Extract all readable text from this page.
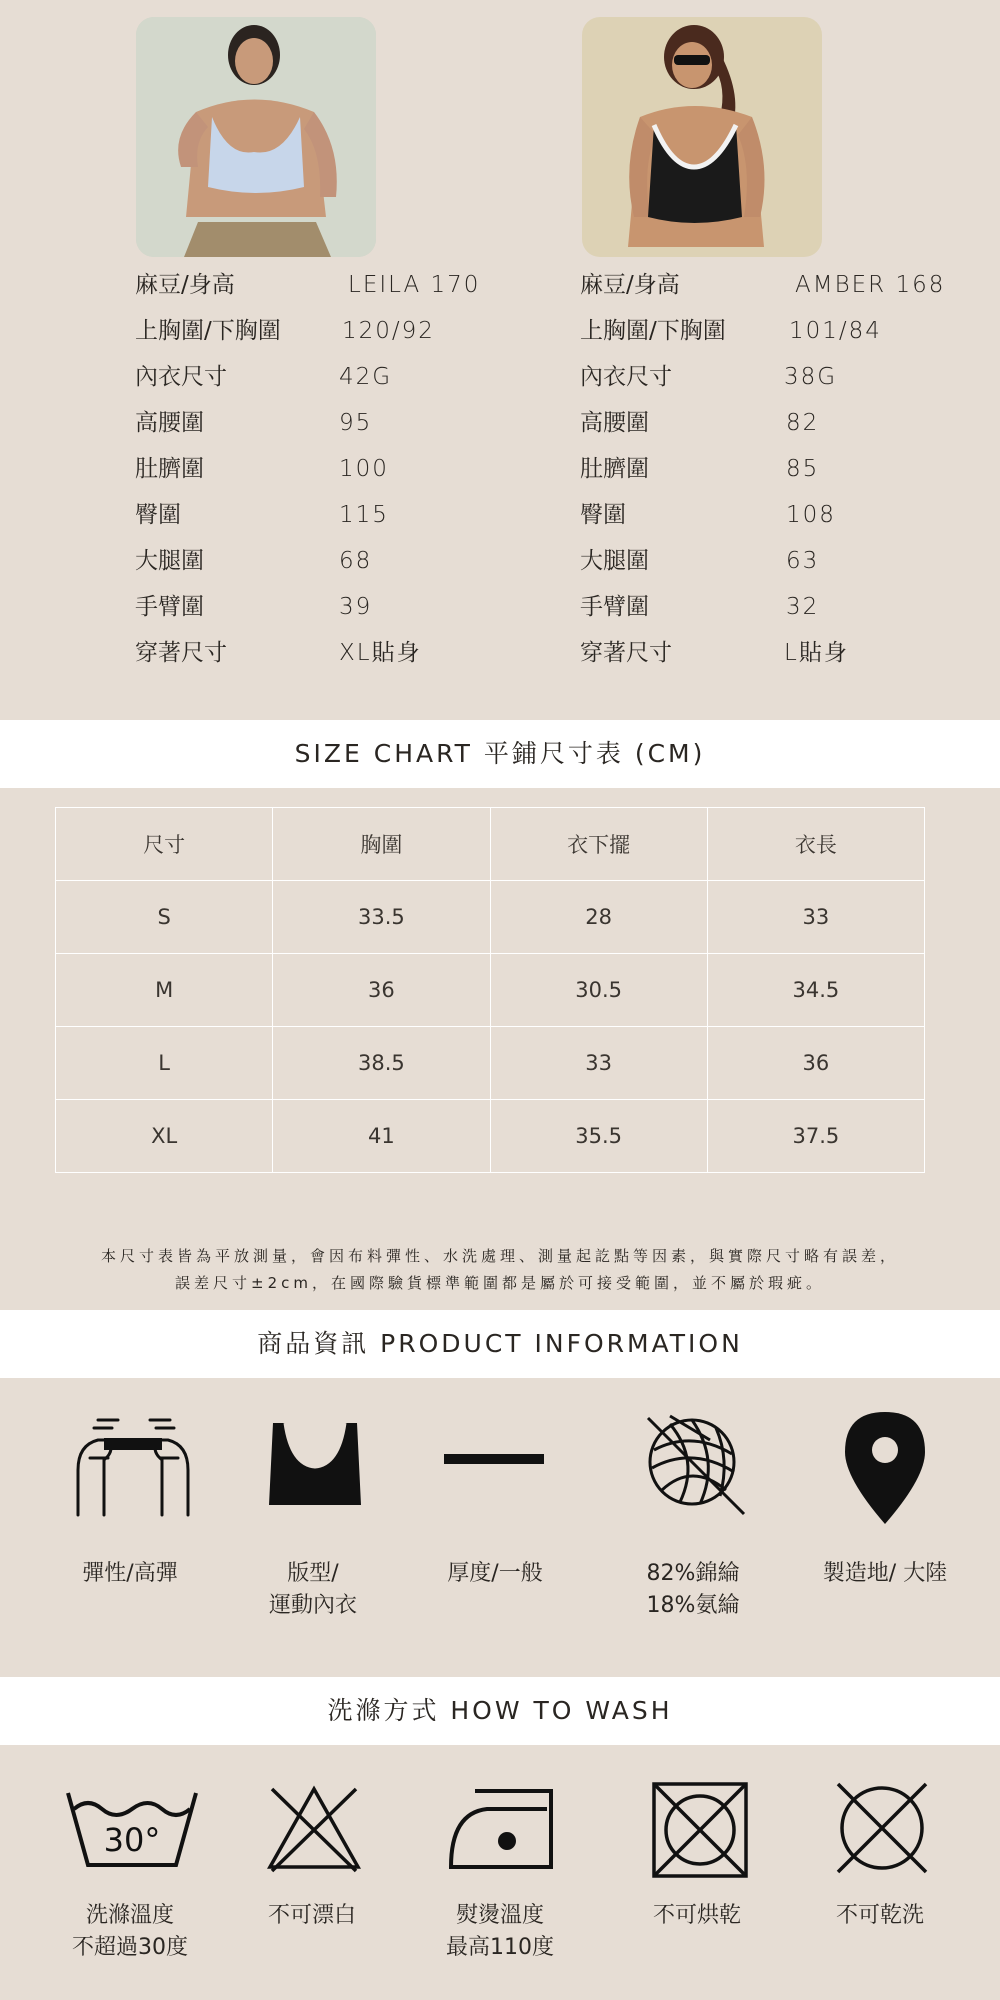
麻豆/身高	LEILA 170
上胸圍/下胸圍	120/92
內衣尺寸	42G
高腰圍	95
肚臍圍	100
臀圍	115
大腿圍	68
手臂圍	39
穿著尺寸	XL貼身
麻豆/身高	AMBER 168
上胸圍/下胸圍	101/84
內衣尺寸	38G
高腰圍	82
肚臍圍	85
臀圍	108
大腿圍	63
手臂圍	32
穿著尺寸	L貼身
SIZE CHART 平鋪尺寸表 (CM)
尺寸	胸圍	衣下擺	衣長
S	33.5	28	33
M	36	30.5	34.5
L	38.5	33	36
XL	41	35.5	37.5
本尺寸表皆為平放測量，會因布料彈性、水洗處理、測量起訖點等因素，與實際尺寸略有誤差，
誤差尺寸±2cm，在國際驗貨標準範圍都是屬於可接受範圍，並不屬於瑕疵。
商品資訊 PRODUCT INFORMATION
彈性/高彈	版型/
運動內衣
厚度/一般	82%錦綸
18%氨綸
製造地/ 大陸
洗滌方式 HOW TO WASH
30°
洗滌溫度
不超過30度
不可漂白	熨燙溫度
最高110度
不可烘乾	不可乾洗
